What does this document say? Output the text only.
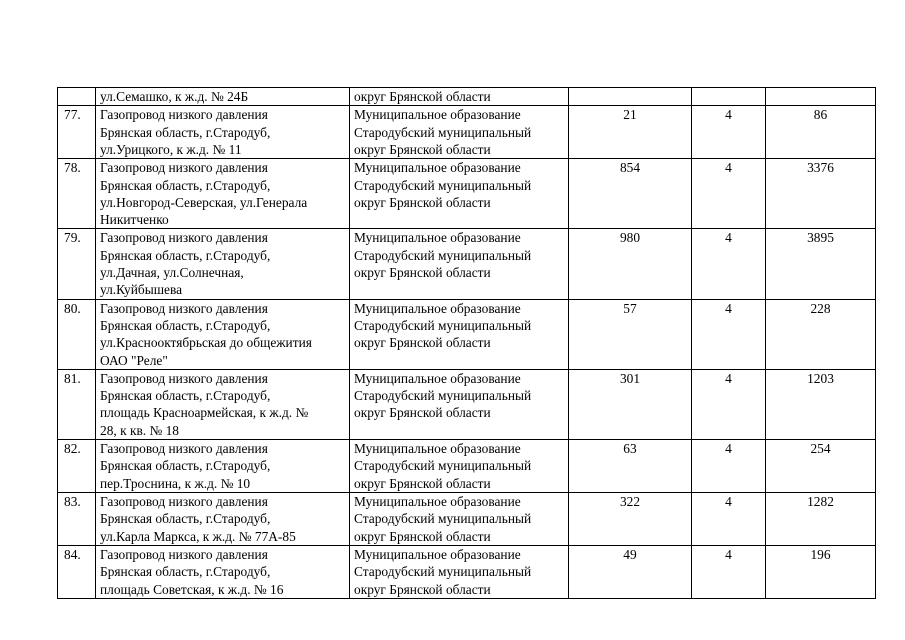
	ул.Семашко, к ж.д. № 24Б	округ Брянской области			
77.	Газопровод низкого давления
Брянская область, г.Стародуб,
ул.Урицкого, к ж.д. № 11	Муниципальное образование
Стародубский муниципальный
округ Брянской области	21	4	86
78.	Газопровод низкого давления
Брянская область, г.Стародуб,
ул.Новгород-Северская, ул.Генерала
Никитченко	Муниципальное образование
Стародубский муниципальный
округ Брянской области	854	4	3376
79.	Газопровод низкого давления
Брянская область, г.Стародуб,
ул.Дачная, ул.Солнечная,
ул.Куйбышева	Муниципальное образование
Стародубский муниципальный
округ Брянской области	980	4	3895
80.	Газопровод низкого давления
Брянская область, г.Стародуб,
ул.Краснооктябрьская до общежития
ОАО "Реле"	Муниципальное образование
Стародубский муниципальный
округ Брянской области	57	4	228
81.	Газопровод низкого давления
Брянская область, г.Стародуб,
площадь Красноармейская, к ж.д. №
28, к кв. № 18	Муниципальное образование
Стародубский муниципальный
округ Брянской области	301	4	1203
82.	Газопровод низкого давления
Брянская область, г.Стародуб,
пер.Троснина, к ж.д. № 10	Муниципальное образование
Стародубский муниципальный
округ Брянской области	63	4	254
83.	Газопровод низкого давления
Брянская область, г.Стародуб,
ул.Карла Маркса, к ж.д. № 77А-85	Муниципальное образование
Стародубский муниципальный
округ Брянской области	322	4	1282
84.	Газопровод низкого давления
Брянская область, г.Стародуб,
площадь Советская, к ж.д. № 16	Муниципальное образование
Стародубский муниципальный
округ Брянской области	49	4	196
